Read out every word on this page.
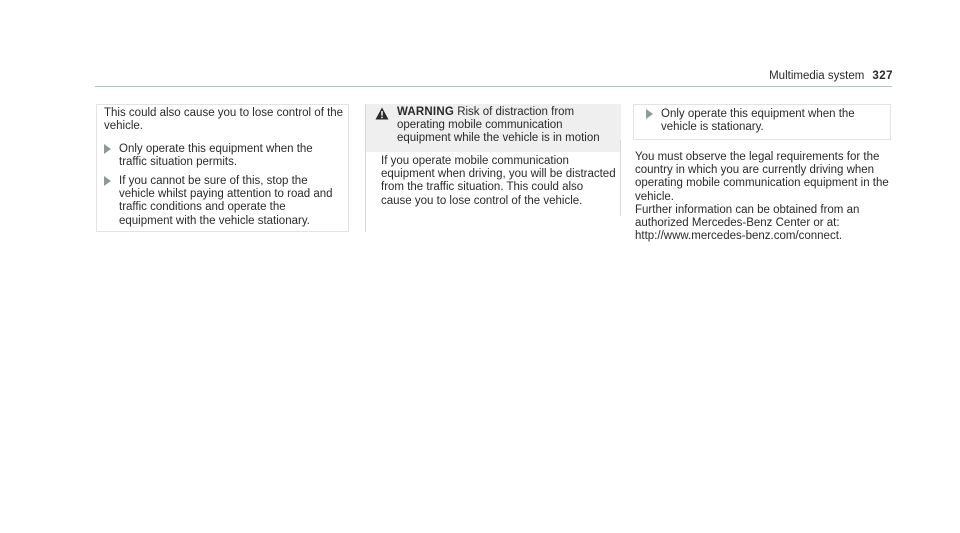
Multimedia system 327
This could also cause you to lose control of the vehicle.
Only operate this equipment when the traffic situation permits.
If you cannot be sure of this, stop the vehicle whilst paying attention to road and traffic conditions and operate the equipment with the vehicle stationary.
WARNING Risk of distraction from operating mobile communication equipment while the vehicle is in motion
If you operate mobile communication equipment when driving, you will be distracted from the traffic situation. This could also cause you to lose control of the vehicle.
Only operate this equipment when the vehicle is stationary.
You must observe the legal requirements for the country in which you are currently driving when operating mobile communication equipment in the vehicle.
Further information can be obtained from an authorized Mercedes-Benz Center or at: http://www.mercedes-benz.com/connect.
